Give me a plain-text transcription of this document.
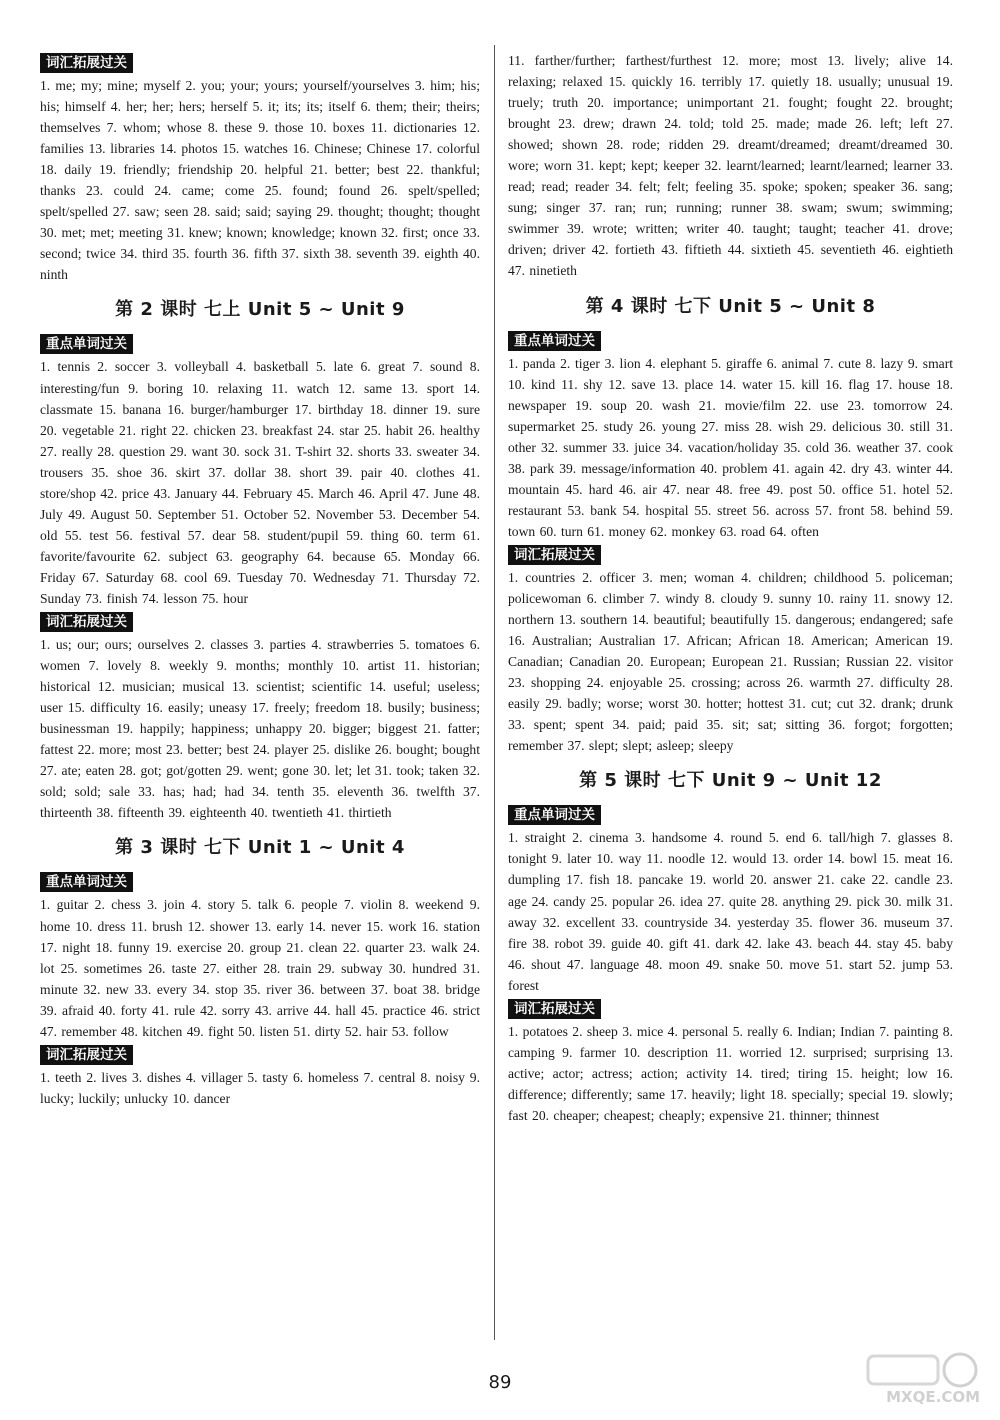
词汇拓展过关
1. me; my; mine; myself 2. you; your; yours; yourself/yourselves 3. him; his; his; himself 4. her; her; hers; herself 5. it; its; its; itself 6. them; their; theirs; themselves 7. whom; whose 8. these 9. those 10. boxes 11. dictionaries 12. families 13. libraries 14. photos 15. watches 16. Chinese; Chinese 17. colorful 18. daily 19. friendly; friendship 20. helpful 21. better; best 22. thankful; thanks 23. could 24. came; come 25. found; found 26. spelt/spelled; spelt/spelled 27. saw; seen 28. said; said; saying 29. thought; thought; thought 30. met; met; meeting 31. knew; known; knowledge; known 32. first; once 33. second; twice 34. third 35. fourth 36. fifth 37. sixth 38. seventh 39. eighth 40. ninth
第 2 课时 七上 Unit 5 ~ Unit 9
重点单词过关
1. tennis 2. soccer 3. volleyball 4. basketball 5. late 6. great 7. sound 8. interesting/fun 9. boring 10. relaxing 11. watch 12. same 13. sport 14. classmate 15. banana 16. burger/hamburger 17. birthday 18. dinner 19. sure 20. vegetable 21. right 22. chicken 23. breakfast 24. star 25. habit 26. healthy 27. really 28. question 29. want 30. sock 31. T-shirt 32. shorts 33. sweater 34. trousers 35. shoe 36. skirt 37. dollar 38. short 39. pair 40. clothes 41. store/shop 42. price 43. January 44. February 45. March 46. April 47. June 48. July 49. August 50. September 51. October 52. November 53. December 54. old 55. test 56. festival 57. dear 58. student/pupil 59. thing 60. term 61. favorite/favourite 62. subject 63. geography 64. because 65. Monday 66. Friday 67. Saturday 68. cool 69. Tuesday 70. Wednesday 71. Thursday 72. Sunday 73. finish 74. lesson 75. hour
词汇拓展过关
1. us; our; ours; ourselves 2. classes 3. parties 4. strawberries 5. tomatoes 6. women 7. lovely 8. weekly 9. months; monthly 10. artist 11. historian; historical 12. musician; musical 13. scientist; scientific 14. useful; useless; user 15. difficulty 16. easily; uneasy 17. freely; freedom 18. busily; business; businessman 19. happily; happiness; unhappy 20. bigger; biggest 21. fatter; fattest 22. more; most 23. better; best 24. player 25. dislike 26. bought; bought 27. ate; eaten 28. got; got/gotten 29. went; gone 30. let; let 31. took; taken 32. sold; sold; sale 33. has; had; had 34. tenth 35. eleventh 36. twelfth 37. thirteenth 38. fifteenth 39. eighteenth 40. twentieth 41. thirtieth
第 3 课时 七下 Unit 1 ~ Unit 4
重点单词过关
1. guitar 2. chess 3. join 4. story 5. talk 6. people 7. violin 8. weekend 9. home 10. dress 11. brush 12. shower 13. early 14. never 15. work 16. station 17. night 18. funny 19. exercise 20. group 21. clean 22. quarter 23. walk 24. lot 25. sometimes 26. taste 27. either 28. train 29. subway 30. hundred 31. minute 32. new 33. every 34. stop 35. river 36. between 37. boat 38. bridge 39. afraid 40. forty 41. rule 42. sorry 43. arrive 44. hall 45. practice 46. strict 47. remember 48. kitchen 49. fight 50. listen 51. dirty 52. hair 53. follow
词汇拓展过关
1. teeth 2. lives 3. dishes 4. villager 5. tasty 6. homeless 7. central 8. noisy 9. lucky; luckily; unlucky 10. dancer
11. farther/further; farthest/furthest 12. more; most 13. lively; alive 14. relaxing; relaxed 15. quickly 16. terribly 17. quietly 18. usually; unusual 19. truely; truth 20. importance; unimportant 21. fought; fought 22. brought; brought 23. drew; drawn 24. told; told 25. made; made 26. left; left 27. showed; shown 28. rode; ridden 29. dreamt/dreamed; dreamt/dreamed 30. wore; worn 31. kept; kept; keeper 32. learnt/learned; learnt/learned; learner 33. read; read; reader 34. felt; felt; feeling 35. spoke; spoken; speaker 36. sang; sung; singer 37. ran; run; running; runner 38. swam; swum; swimming; swimmer 39. wrote; written; writer 40. taught; taught; teacher 41. drove; driven; driver 42. fortieth 43. fiftieth 44. sixtieth 45. seventieth 46. eightieth 47. ninetieth
第 4 课时 七下 Unit 5 ~ Unit 8
重点单词过关
1. panda 2. tiger 3. lion 4. elephant 5. giraffe 6. animal 7. cute 8. lazy 9. smart 10. kind 11. shy 12. save 13. place 14. water 15. kill 16. flag 17. house 18. newspaper 19. soup 20. wash 21. movie/film 22. use 23. tomorrow 24. supermarket 25. study 26. young 27. miss 28. wish 29. delicious 30. still 31. other 32. summer 33. juice 34. vacation/holiday 35. cold 36. weather 37. cook 38. park 39. message/information 40. problem 41. again 42. dry 43. winter 44. mountain 45. hard 46. air 47. near 48. free 49. post 50. office 51. hotel 52. restaurant 53. bank 54. hospital 55. street 56. across 57. front 58. behind 59. town 60. turn 61. money 62. monkey 63. road 64. often
词汇拓展过关
1. countries 2. officer 3. men; woman 4. children; childhood 5. policeman; policewoman 6. climber 7. windy 8. cloudy 9. sunny 10. rainy 11. snowy 12. northern 13. southern 14. beautiful; beautifully 15. dangerous; endangered; safe 16. Australian; Australian 17. African; African 18. American; American 19. Canadian; Canadian 20. European; European 21. Russian; Russian 22. visitor 23. shopping 24. enjoyable 25. crossing; across 26. warmth 27. difficulty 28. easily 29. badly; worse; worst 30. hotter; hottest 31. cut; cut 32. drank; drunk 33. spent; spent 34. paid; paid 35. sit; sat; sitting 36. forgot; forgotten; remember 37. slept; slept; asleep; sleepy
第 5 课时 七下 Unit 9 ~ Unit 12
重点单词过关
1. straight 2. cinema 3. handsome 4. round 5. end 6. tall/high 7. glasses 8. tonight 9. later 10. way 11. noodle 12. would 13. order 14. bowl 15. meat 16. dumpling 17. fish 18. pancake 19. world 20. answer 21. cake 22. candle 23. age 24. candy 25. popular 26. idea 27. quite 28. anything 29. pick 30. milk 31. away 32. excellent 33. countryside 34. yesterday 35. flower 36. museum 37. fire 38. robot 39. guide 40. gift 41. dark 42. lake 43. beach 44. stay 45. baby 46. shout 47. language 48. moon 49. snake 50. move 51. start 52. jump 53. forest
词汇拓展过关
1. potatoes 2. sheep 3. mice 4. personal 5. really 6. Indian; Indian 7. painting 8. camping 9. farmer 10. description 11. worried 12. surprised; surprising 13. active; actor; actress; action; activity 14. tired; tiring 15. height; low 16. difference; differently; same 17. heavily; light 18. specially; special 19. slowly; fast 20. cheaper; cheapest; cheaply; expensive 21. thinner; thinnest
89
MXQE.COM
